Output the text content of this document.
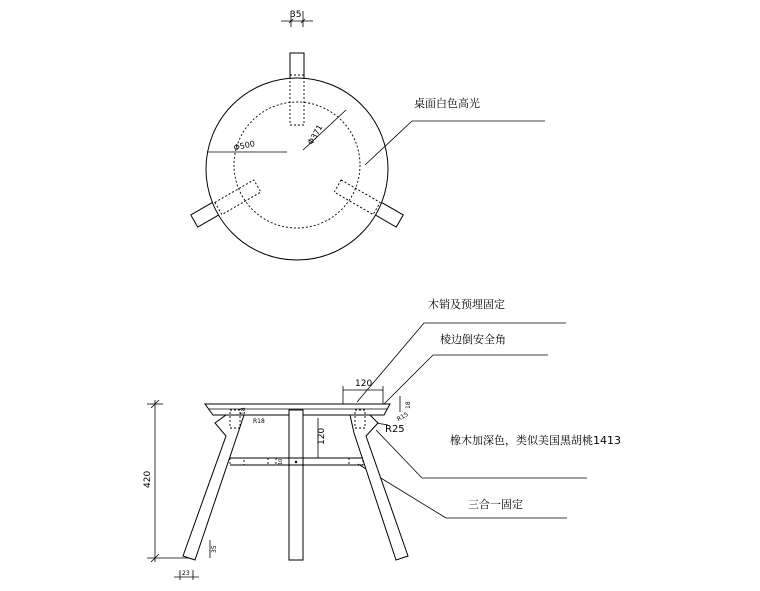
35
Φ500	Φ371
桌面白色高光
木销及预埋固定
棱边倒安全角
橡木加深色，类似美国黑胡桃1413
三合一固定
120
18
18
R18	R15
R25
120
10
420
35
23
